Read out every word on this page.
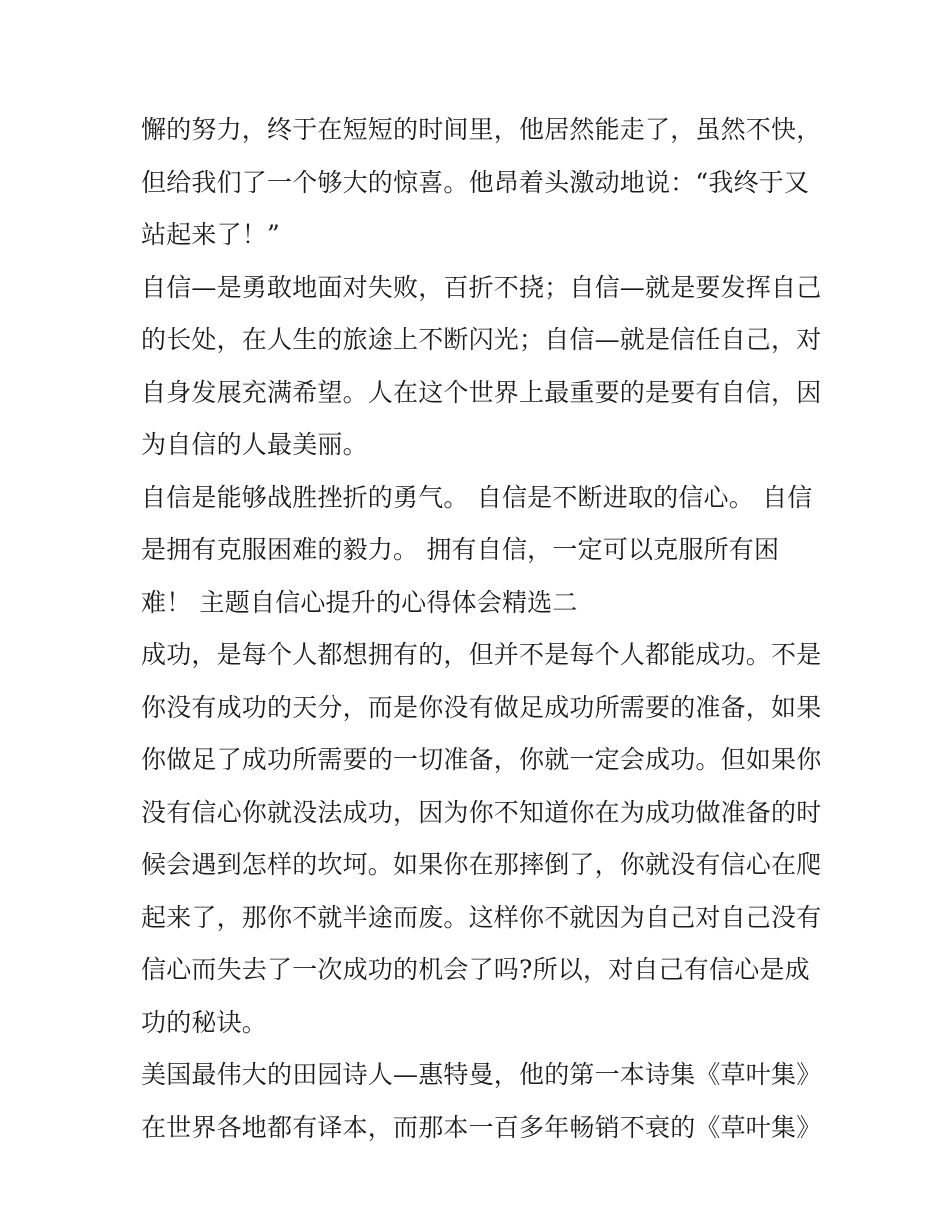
懈的努力，终于在短短的时间里，他居然能走了，虽然不快，
但给我们了一个够大的惊喜。他昂着头激动地说：“我终于又
站起来了！”
自信—是勇敢地面对失败，百折不挠；自信—就是要发挥自己
的长处，在人生的旅途上不断闪光；自信—就是信任自己，对
自身发展充满希望。人在这个世界上最重要的是要有自信，因
为自信的人最美丽。
自信是能够战胜挫折的勇气。 自信是不断进取的信心。 自信
是拥有克服困难的毅力。 拥有自信，一定可以克服所有困
难！ 主题自信心提升的心得体会精选二
成功，是每个人都想拥有的，但并不是每个人都能成功。不是
你没有成功的天分，而是你没有做足成功所需要的准备，如果
你做足了成功所需要的一切准备，你就一定会成功。但如果你
没有信心你就没法成功，因为你不知道你在为成功做准备的时
候会遇到怎样的坎坷。如果你在那摔倒了，你就没有信心在爬
起来了，那你不就半途而废。这样你不就因为自己对自己没有
信心而失去了一次成功的机会了吗?所以，对自己有信心是成
功的秘诀。
美国最伟大的田园诗人—惠特曼，他的第一本诗集《草叶集》
在世界各地都有译本，而那本一百多年畅销不衰的《草叶集》
